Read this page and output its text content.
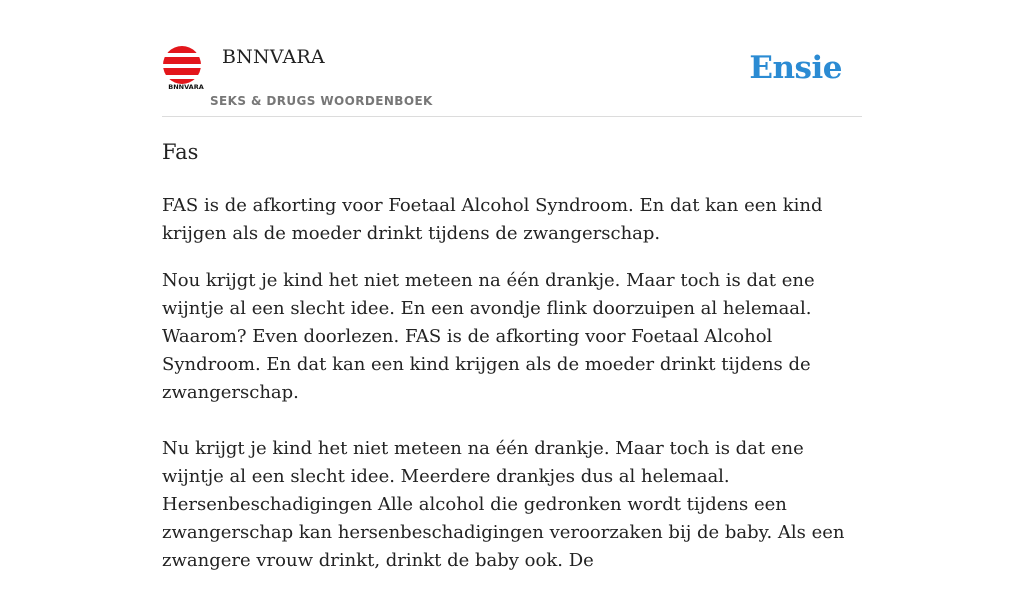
BNNVARA
BNNVARA
SEKS & DRUGS WOORDENBOEK
Ensie
Fas

FAS is de afkorting voor Foetaal Alcohol Syndroom. En dat kan een kind krijgen als de moeder drinkt tijdens de zwangerschap.

Nou krijgt je kind het niet meteen na één drankje. Maar toch is dat ene wijntje al een slecht idee. En een avondje flink doorzuipen al helemaal. Waarom? Even doorlezen. FAS is de afkorting voor Foetaal Alcohol Syndroom. En dat kan een kind krijgen als de moeder drinkt tijdens de zwangerschap.

Nu krijgt je kind het niet meteen na één drankje. Maar toch is dat ene wijntje al een slecht idee. Meerdere drankjes dus al helemaal. Hersenbeschadigingen Alle alcohol die gedronken wordt tijdens een zwangerschap kan hersenbeschadigingen veroorzaken bij de baby. Als een zwangere vrouw drinkt, drinkt de baby ook. De
